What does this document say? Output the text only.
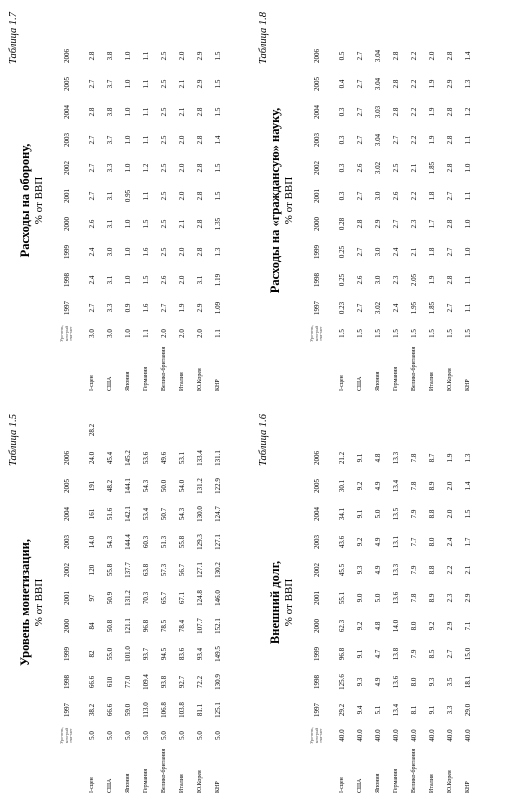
Таблица 1.5
Уровень монетизации, % от ВВП
	Уро-вень, кото-рый счи-тает	1997	1998	1999	2000	2001	2002	2003	2004	2005	2006	
I-сцен	5.0	38.2	66.6	82	84	97	120	14.0	161	191	24.0	28.2
США	5.0	66.6	610	55.0	50.8	50.9	55.8	54.3	51.6	48.2	45.4	
Япония	5.0	59.0	77.0	101.0	121.1	131.2	137.7	144.4	142.1	144.1	145.2	
Германия	5.0	113.0	109.4	93.7	96.8	70.3	63.8	60.3	53.4	54.3	53.6	
Велико-британия	5.0	106.8	93.8	94.5	78.5	65.7	57.3	51.3	50.7	50.0	49.6	
Италия	5.0	103.8	92.7	83.6	78.4	67.1	56.7	55.8	54.3	54.0	53.1	
Ю.Корея	5.0	81.1	72.2	93.4	107.7	124.8	127.1	129.3	130.0	131.2	133.4	
КНР	5.0	125.1	130.9	149.5	152.1	146.0	130.2	127.1	124.7	122.9	131.1	
Таблица 1.7
Расходы на оборону, % от ВВП
	Уро-вень, кото-рый счи-тает	1997	1998	1999	2000	2001	2002	2003	2004	2005	2006
I-сцен	3.0	2.7	2.4	2.4	2.6	2.7	2.7	2.7	2.8	2.7	2.8
США	3.0	3.3	3.1	3.0	3.1	3.1	3.3	3.7	3.8	3.7	3.8
Япония	1.0	0.9	1.0	1.0	1.0	0.95	1.0	1.0	1.0	1.0	1.0
Германия	1.1	1.6	1.5	1.6	1.5	1.1	1.2	1.1	1.1	1.1	1.1
Велико-британия	2.0	2.7	2.6	2.5	2.5	2.5	2.5	2.5	2.5	2.5	2.5
Италия	2.0	1.9	2.0	2.0	2.1	2.0	2.0	2.0	2.1	2.1	2.0
Ю.Корея	2.0	2.9	3.1	2.8	2.8	2.8	2.8	2.8	2.8	2.9	2.9
КНР	1.1	1.09	1.19	1.3	1.35	1.5	1.5	1.4	1.5	1.5	1.5
Таблица 1.6
Внешний долг, % от ВВП
	Уро-вень, кото-рый счи-тает	1997	1998	1999	2000	2001	2002	2003	2004	2005	2006
I-сцен	40.0	29.2	125.6	96.8	62.3	55.1	45.5	43.6	34.1	30.1	21.2
США	40.0	9.4	9.3	9.1	9.2	9.0	9.3	9.2	9.1	9.2	9.1
Япония	40.0	5.1	4.9	4.7	4.8	5.0	4.9	4.9	5.0	4.9	4.8
Германия	40.0	13.4	13.6	13.8	14.0	13.6	13.3	13.1	13.5	13.4	13.3
Велико-британия	40.0	8.1	8.0	7.9	8.0	7.8	7.9	7.7	7.9	7.8	7.8
Италия	40.0	9.1	9.3	8.5	9.2	8.9	8.8	8.0	8.8	8.9	8.7
Ю.Корея	40.0	3.3	3.5	2.7	2.9	2.3	2.2	2.4	2.0	2.0	1.9
КНР	40.0	29.0	18.1	15.0	7.1	2.9	2.1	1.7	1.5	1.4	1.3
Таблица 1.8
Расходы на «граждансую» науку, % от ВВП
	Уро-вень, кото-рый счи-тает	1997	1998	1999	2000	2001	2002	2003	2004	2005	2006
I-сцен	1.5	0.23	0.25	0.25	0.28	0.3	0.3	0.3	0.3	0.4	0.5
США	1.5	2.7	2.6	2.7	2.8	2.7	2.6	2.7	2.7	2.7	2.7
Япония	1.5	3.02	3.0	3.0	2.9	3.0	3.02	3.04	3.03	3.04	3.04
Германия	1.5	2.4	2.3	2.4	2.7	2.6	2.5	2.7	2.8	2.8	2.8
Велико-британия	1.5	1.95	2.05	2.1	2.3	2.2	2.1	2.2	2.2	2.2	2.2
Италия	1.5	1.85	1.9	1.8	1.7	1.8	1.85	1.9	1.9	1.9	2.0
Ю.Корея	1.5	2.7	2.8	2.7	2.8	2.7	2.8	2.8	2.8	2.9	2.8
КНР	1.5	1.1	1.1	1.0	1.0	1.1	1.0	1.1	1.2	1.3	1.4
